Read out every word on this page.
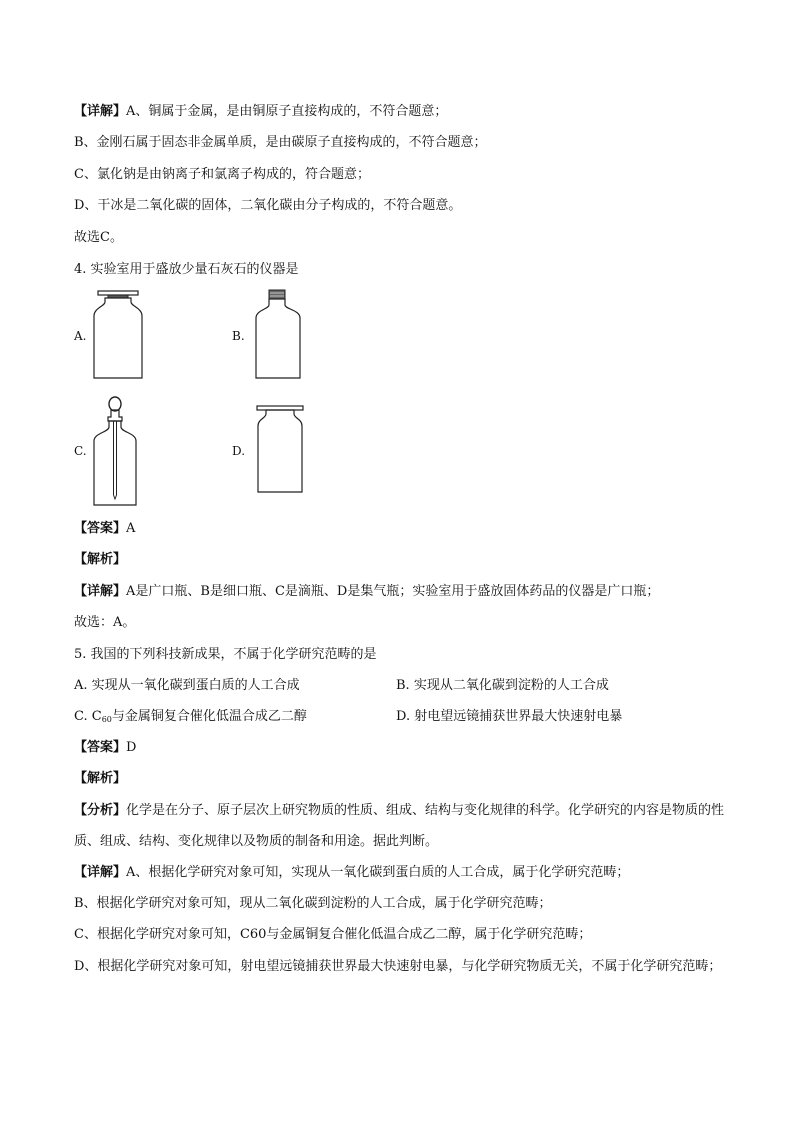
【详解】A、铜属于金属，是由铜原子直接构成的，不符合题意；
B、金刚石属于固态非金属单质，是由碳原子直接构成的，不符合题意；
C、氯化钠是由钠离子和氯离子构成的，符合题意；
D、干冰是二氧化碳的固体，二氧化碳由分子构成的，不符合题意。
故选C。
4. 实验室用于盛放少量石灰石的仪器是
A.	B.
C.	D.
【答案】A
【解析】
【详解】A是广口瓶、B是细口瓶、C是滴瓶、D是集气瓶；实验室用于盛放固体药品的仪器是广口瓶；
故选：A。
5. 我国的下列科技新成果，不属于化学研究范畴的是
A. 实现从一氧化碳到蛋白质的人工合成	B. 实现从二氧化碳到淀粉的人工合成
C. $C_{60}$与金属铜复合催化低温合成乙二醇	D. 射电望远镜捕获世界最大快速射电暴
【答案】D
【解析】
【分析】化学是在分子、原子层次上研究物质的性质、组成、结构与变化规律的科学。化学研究的内容是物质的性质、组成、结构、变化规律以及物质的制备和用途。据此判断。
【详解】A、根据化学研究对象可知，实现从一氧化碳到蛋白质的人工合成，属于化学研究范畴；
B、根据化学研究对象可知，现从二氧化碳到淀粉的人工合成，属于化学研究范畴；
C、根据化学研究对象可知，C60与金属铜复合催化低温合成乙二醇，属于化学研究范畴；
D、根据化学研究对象可知，射电望远镜捕获世界最大快速射电暴，与化学研究物质无关，不属于化学研究范畴；
